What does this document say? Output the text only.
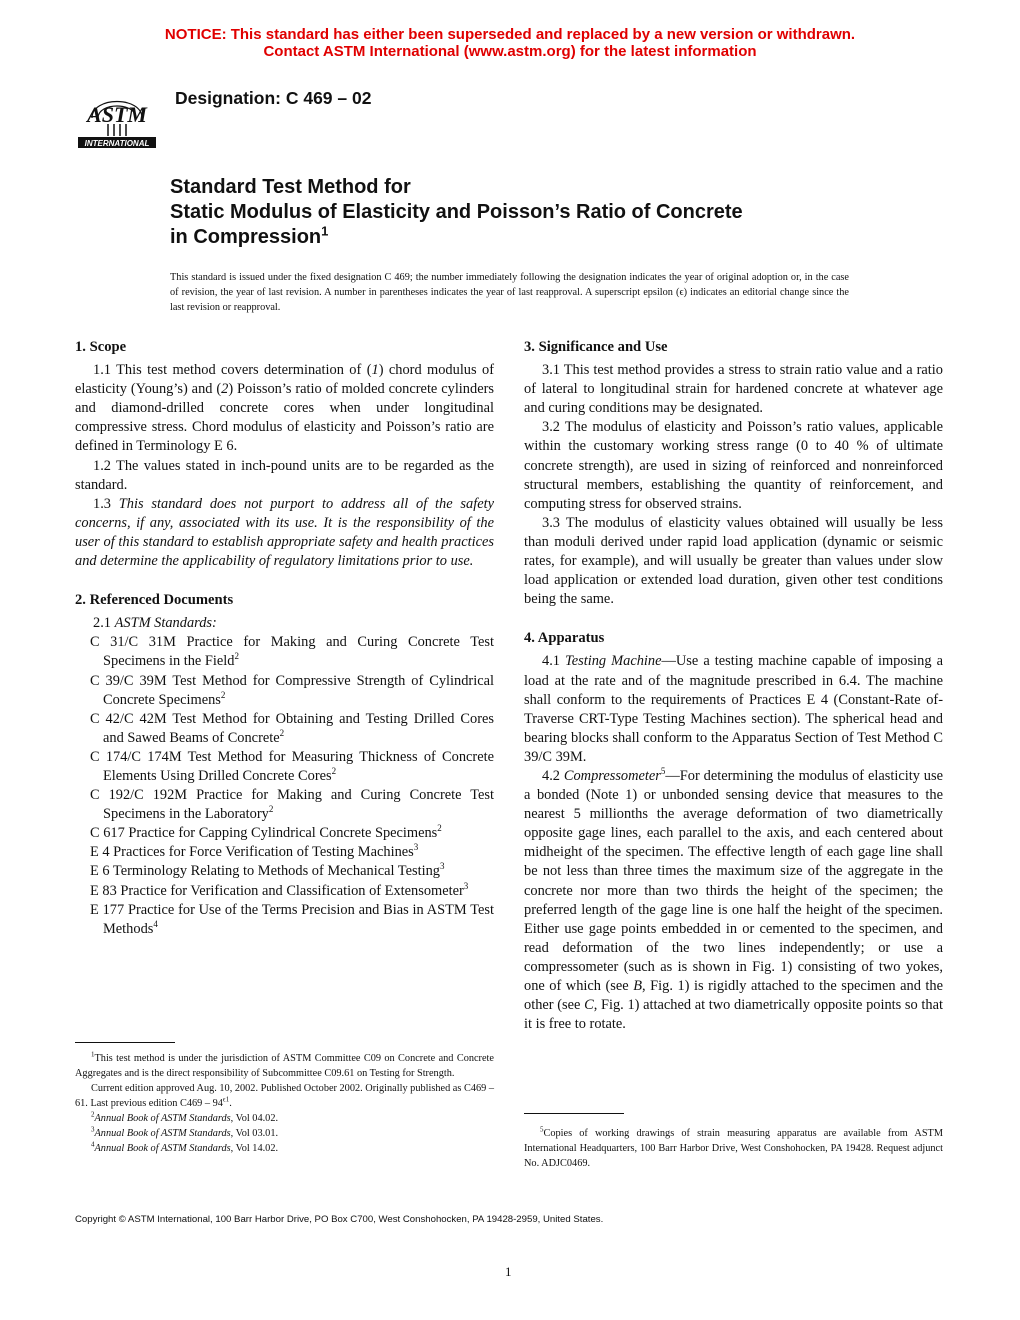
NOTICE: This standard has either been superseded and replaced by a new version or withdrawn.
Contact ASTM International (www.astm.org) for the latest information
ASTM
INTERNATIONAL
Designation: C 469 – 02
Standard Test Method for
Static Modulus of Elasticity and Poisson’s Ratio of Concrete
in Compression$^1$
This standard is issued under the fixed designation C 469; the number immediately following the designation indicates the year of original adoption or, in the case of revision, the year of last revision. A number in parentheses indicates the year of last reapproval. A superscript epsilon (ϵ) indicates an editorial change since the last revision or reapproval.

1. Scope

1.1 This test method covers determination of (1) chord modulus of elasticity (Young’s) and (2) Poisson’s ratio of molded concrete cylinders and diamond-drilled concrete cores when under longitudinal compressive stress. Chord modulus of elasticity and Poisson’s ratio are defined in Terminology E 6.

1.2 The values stated in inch-pound units are to be regarded as the standard.

1.3 This standard does not purport to address all of the safety concerns, if any, associated with its use. It is the responsibility of the user of this standard to establish appropriate safety and health practices and determine the applicability of regulatory limitations prior to use.

2. Referenced Documents

2.1 ASTM Standards:

C 31/C 31M Practice for Making and Curing Concrete Test Specimens in the Field$^2$

C 39/C 39M Test Method for Compressive Strength of Cylindrical Concrete Specimens$^2$

C 42/C 42M Test Method for Obtaining and Testing Drilled Cores and Sawed Beams of Concrete$^2$

C 174/C 174M Test Method for Measuring Thickness of Concrete Elements Using Drilled Concrete Cores$^2$

C 192/C 192M Practice for Making and Curing Concrete Test Specimens in the Laboratory$^2$

C 617 Practice for Capping Cylindrical Concrete Specimens$^2$

E 4 Practices for Force Verification of Testing Machines$^3$

E 6 Terminology Relating to Methods of Mechanical Testing$^3$

E 83 Practice for Verification and Classification of Extensometer$^3$

E 177 Practice for Use of the Terms Precision and Bias in ASTM Test Methods$^4$

$^1$This test method is under the jurisdiction of ASTM Committee C09 on Concrete and Concrete Aggregates and is the direct responsibility of Subcommittee C09.61 on Testing for Strength.

Current edition approved Aug. 10, 2002. Published October 2002. Originally published as C469 – 61. Last previous edition $C469 - 94^{\epsilon 1}$.

$^2$Annual Book of ASTM Standards, Vol 04.02.

$^3$Annual Book of ASTM Standards, Vol 03.01.

$^4$Annual Book of ASTM Standards, Vol 14.02.

3. Significance and Use

3.1 This test method provides a stress to strain ratio value and a ratio of lateral to longitudinal strain for hardened concrete at whatever age and curing conditions may be designated.

3.2 The modulus of elasticity and Poisson’s ratio values, applicable within the customary working stress range (0 to 40 % of ultimate concrete strength), are used in sizing of reinforced and nonreinforced structural members, establishing the quantity of reinforcement, and computing stress for observed strains.

3.3 The modulus of elasticity values obtained will usually be less than moduli derived under rapid load application (dynamic or seismic rates, for example), and will usually be greater than values under slow load application or extended load duration, given other test conditions being the same.

4. Apparatus

4.1 Testing Machine—Use a testing machine capable of imposing a load at the rate and of the magnitude prescribed in 6.4. The machine shall conform to the requirements of Practices E 4 (Constant-Rate of-Traverse CRT-Type Testing Machines section). The spherical head and bearing blocks shall conform to the Apparatus Section of Test Method C 39/C 39M.

4.2 Compressometer$^5$—For determining the modulus of elasticity use a bonded (Note 1) or unbonded sensing device that measures to the nearest 5 millionths the average deformation of two diametrically opposite gage lines, each parallel to the axis, and each centered about midheight of the specimen. The effective length of each gage line shall be not less than three times the maximum size of the aggregate in the concrete nor more than two thirds the height of the specimen; the preferred length of the gage line is one half the height of the specimen. Either use gage points embedded in or cemented to the specimen, and read deformation of the two lines independently; or use a compressometer (such as is shown in Fig. 1) consisting of two yokes, one of which (see B, Fig. 1) is rigidly attached to the specimen and the other (see C, Fig. 1) attached at two diametrically opposite points so that it is free to rotate.

$^5$Copies of working drawings of strain measuring apparatus are available from ASTM International Headquarters, 100 Barr Harbor Drive, West Conshohocken, PA 19428. Request adjunct No. ADJC0469.

Copyright © ASTM International, 100 Barr Harbor Drive, PO Box C700, West Conshohocken, PA 19428-2959, United States.
1
